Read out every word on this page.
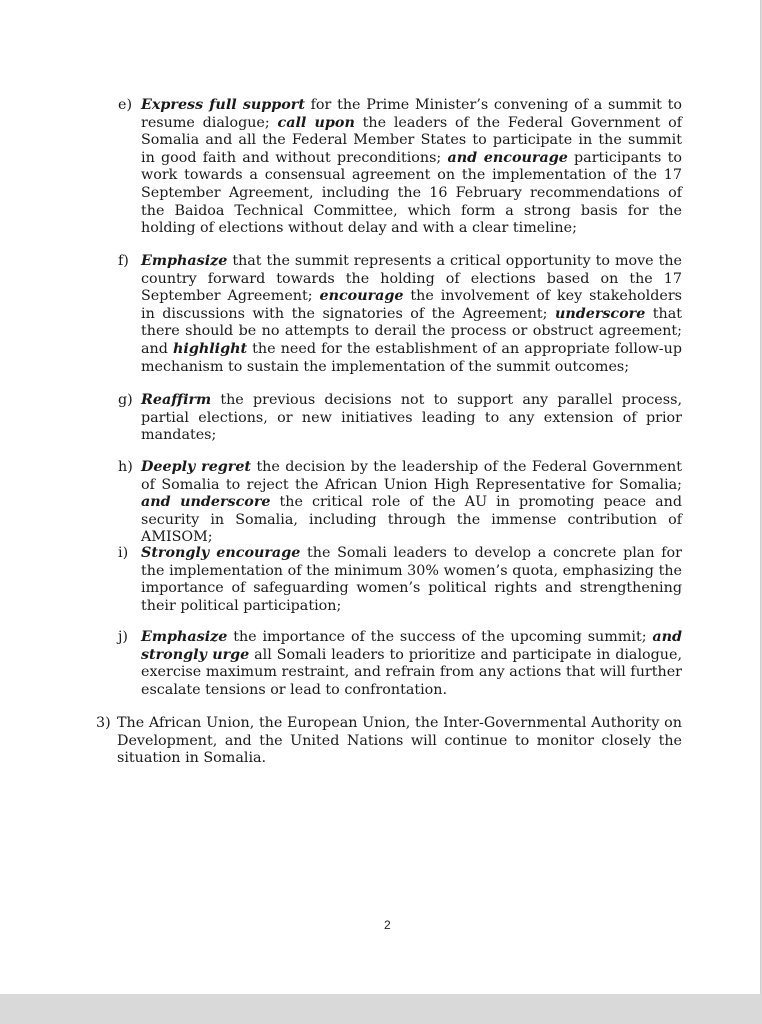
e) Express full support for the Prime Minister’s convening of a summit to resume dialogue; call upon the leaders of the Federal Government of Somalia and all the Federal Member States to participate in the summit in good faith and without preconditions; and encourage participants to work towards a consensual agreement on the implementation of the 17 September Agreement, including the 16 February recommendations of the Baidoa Technical Committee, which form a strong basis for the holding of elections without delay and with a clear timeline;
f) Emphasize that the summit represents a critical opportunity to move the country forward towards the holding of elections based on the 17 September Agreement; encourage the involvement of key stakeholders in discussions with the signatories of the Agreement; underscore that there should be no attempts to derail the process or obstruct agreement; and highlight the need for the establishment of an appropriate follow-up mechanism to sustain the implementation of the summit outcomes;
g) Reaffirm the previous decisions not to support any parallel process, partial elections, or new initiatives leading to any extension of prior mandates;
h) Deeply regret the decision by the leadership of the Federal Government of Somalia to reject the African Union High Representative for Somalia; and underscore the critical role of the AU in promoting peace and security in Somalia, including through the immense contribution of AMISOM;
i) Strongly encourage the Somali leaders to develop a concrete plan for the implementation of the minimum 30% women’s quota, emphasizing the importance of safeguarding women’s political rights and strengthening their political participation;
j) Emphasize the importance of the success of the upcoming summit; and strongly urge all Somali leaders to prioritize and participate in dialogue, exercise maximum restraint, and refrain from any actions that will further escalate tensions or lead to confrontation.
3) The African Union, the European Union, the Inter-Governmental Authority on Development, and the United Nations will continue to monitor closely the situation in Somalia.
2
